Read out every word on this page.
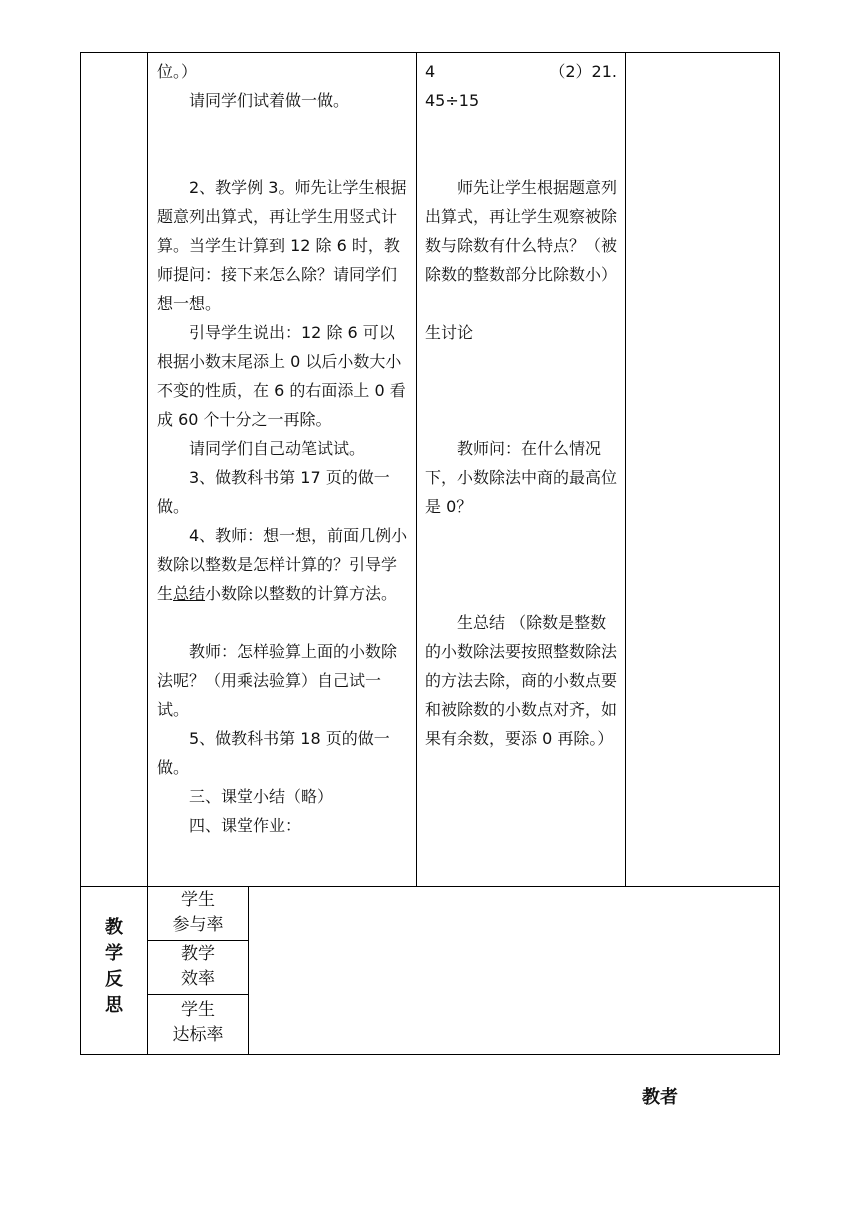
位。）

请同学们试着做一做。

2、教学例 3。师先让学生根据题意列出算式，再让学生用竖式计算。当学生计算到 12 除 6 时，教师提问：接下来怎么除？请同学们想一想。

引导学生说出：12 除 6 可以根据小数末尾添上 0 以后小数大小不变的性质，在 6 的右面添上 0 看成 60 个十分之一再除。

请同学们自己动笔试试。

3、做教科书第 17 页的做一做。

4、教师：想一想，前面几例小数除以整数是怎样计算的？引导学生总结小数除以整数的计算方法。

教师：怎样验算上面的小数除法呢？（用乘法验算）自己试一试。

5、做教科书第 18 页的做一做。

三、课堂小结（略）

四、课堂作业：

4	（2）21.

45÷15

师先让学生根据题意列出算式，再让学生观察被除数与除数有什么特点？（被除数的整数部分比除数小）

生讨论

教师问：在什么情况下，小数除法中商的最高位是 0？

生总结 （除数是整数的小数除法要按照整数除法的方法去除，商的小数点要和被除数的小数点对齐，如果有余数，要添 0 再除。）

教
学
反
思
学生
参与率
教学
效率
学生
达标率
教者
